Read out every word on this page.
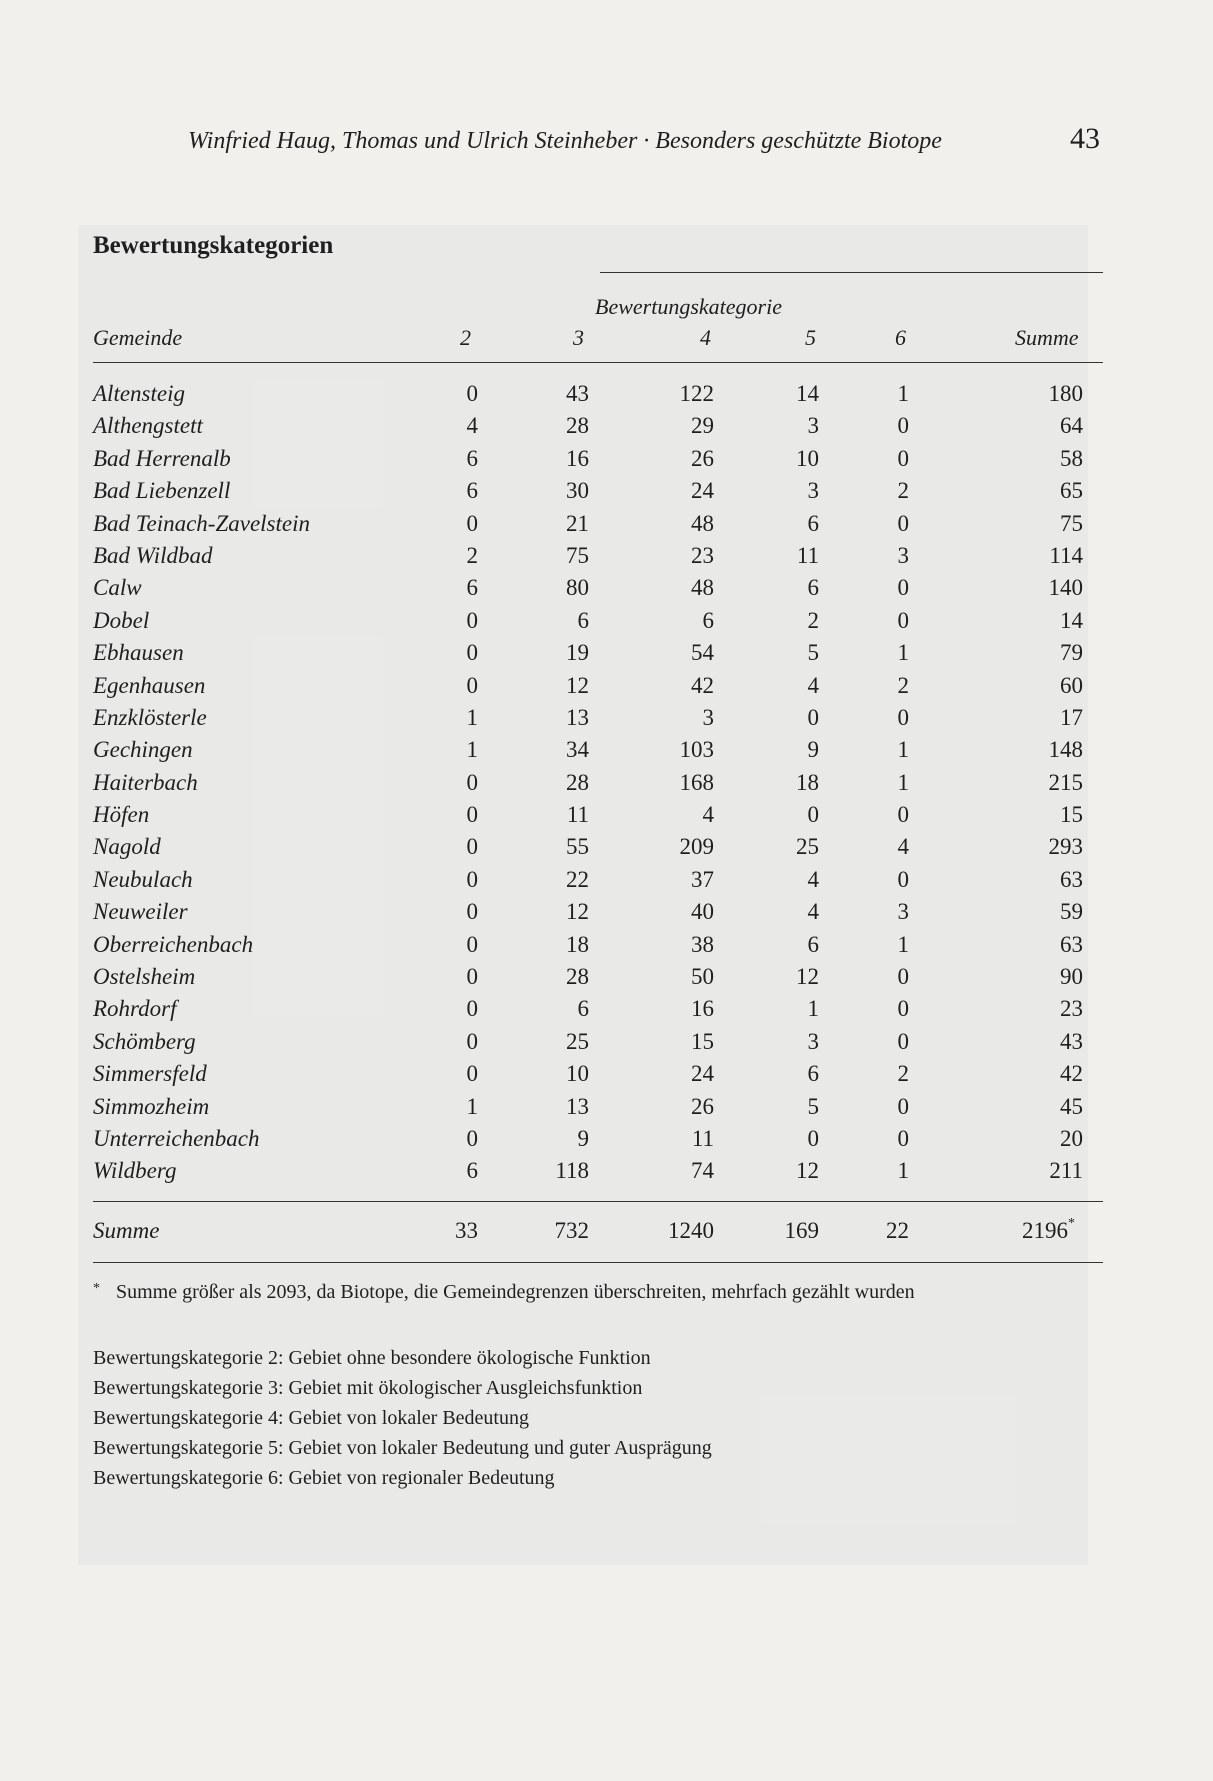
Winfried Haug, Thomas und Ulrich Steinheber · Besonders geschützte Biotope	43
Bewertungskategorien
Bewertungskategorie
Gemeinde	2	3	4	5	6	Summe
Altensteig	0	43	122	14	1	180
Althengstett	4	28	29	3	0	64
Bad Herrenalb	6	16	26	10	0	58
Bad Liebenzell	6	30	24	3	2	65
Bad Teinach-Zavelstein	0	21	48	6	0	75
Bad Wildbad	2	75	23	11	3	114
Calw	6	80	48	6	0	140
Dobel	0	6	6	2	0	14
Ebhausen	0	19	54	5	1	79
Egenhausen	0	12	42	4	2	60
Enzklösterle	1	13	3	0	0	17
Gechingen	1	34	103	9	1	148
Haiterbach	0	28	168	18	1	215
Höfen	0	11	4	0	0	15
Nagold	0	55	209	25	4	293
Neubulach	0	22	37	4	0	63
Neuweiler	0	12	40	4	3	59
Oberreichenbach	0	18	38	6	1	63
Ostelsheim	0	28	50	12	0	90
Rohrdorf	0	6	16	1	0	23
Schömberg	0	25	15	3	0	43
Simmersfeld	0	10	24	6	2	42
Simmozheim	1	13	26	5	0	45
Unterreichenbach	0	9	11	0	0	20
Wildberg	6	118	74	12	1	211
Summe	33	732	1240	169	22	2196*
* Summe größer als 2093, da Biotope, die Gemeindegrenzen überschreiten, mehrfach gezählt wurden
Bewertungskategorie 2: Gebiet ohne besondere ökologische Funktion
Bewertungskategorie 3: Gebiet mit ökologischer Ausgleichsfunktion
Bewertungskategorie 4: Gebiet von lokaler Bedeutung
Bewertungskategorie 5: Gebiet von lokaler Bedeutung und guter Ausprägung
Bewertungskategorie 6: Gebiet von regionaler Bedeutung
